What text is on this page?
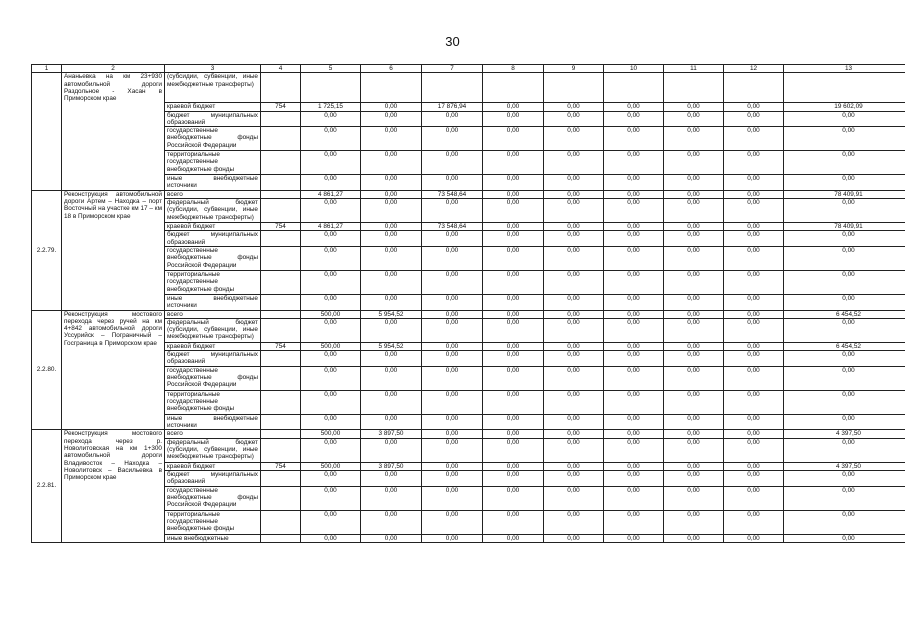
30
1	2	3	4	5	6	7	8	9	10	11	12	13
	Ананьевка на км 23+930 автомобильной дороги Раздольное - Хасан в Приморском крае	(субсидии, субвенции, иные межбюджетные трансферты)										
		краевой бюджет	754	1 725,15	0,00	17 876,94	0,00	0,00	0,00	0,00	0,00	19 602,09
		бюджет муниципальных образований		0,00	0,00	0,00	0,00	0,00	0,00	0,00	0,00	0,00
		государственные внебюджетные фонды Российской Федерации		0,00	0,00	0,00	0,00	0,00	0,00	0,00	0,00	0,00
		территориальные государственные внебюджетные фонды		0,00	0,00	0,00	0,00	0,00	0,00	0,00	0,00	0,00
		иные внебюджетные источники		0,00	0,00	0,00	0,00	0,00	0,00	0,00	0,00	0,00
2.2.79.	Реконструкция автомобильной дороги Артем – Находка – порт Восточный на участке км 17 – км 18 в Приморском крае	всего		4 861,27	0,00	73 548,64	0,00	0,00	0,00	0,00	0,00	78 409,91
		федеральный бюджет (субсидии, субвенции, иные межбюджетные трансферты)		0,00	0,00	0,00	0,00	0,00	0,00	0,00	0,00	0,00
		краевой бюджет	754	4 861,27	0,00	73 548,64	0,00	0,00	0,00	0,00	0,00	78 409,91
		бюджет муниципальных образований		0,00	0,00	0,00	0,00	0,00	0,00	0,00	0,00	0,00
		государственные внебюджетные фонды Российской Федерации		0,00	0,00	0,00	0,00	0,00	0,00	0,00	0,00	0,00
		территориальные государственные внебюджетные фонды		0,00	0,00	0,00	0,00	0,00	0,00	0,00	0,00	0,00
		иные внебюджетные источники		0,00	0,00	0,00	0,00	0,00	0,00	0,00	0,00	0,00
2.2.80.	Реконструкция мостового перехода через ручей на км 4+842 автомобильной дороги Уссурийск – Пограничный – Госграница в Приморском крае	всего		500,00	5 954,52	0,00	0,00	0,00	0,00	0,00	0,00	6 454,52
		федеральный бюджет (субсидии, субвенции, иные межбюджетные трансферты)		0,00	0,00	0,00	0,00	0,00	0,00	0,00	0,00	0,00
		краевой бюджет	754	500,00	5 954,52	0,00	0,00	0,00	0,00	0,00	0,00	6 454,52
		бюджет муниципальных образований		0,00	0,00	0,00	0,00	0,00	0,00	0,00	0,00	0,00
		государственные внебюджетные фонды Российской Федерации		0,00	0,00	0,00	0,00	0,00	0,00	0,00	0,00	0,00
		территориальные государственные внебюджетные фонды		0,00	0,00	0,00	0,00	0,00	0,00	0,00	0,00	0,00
		иные внебюджетные источники		0,00	0,00	0,00	0,00	0,00	0,00	0,00	0,00	0,00
2.2.81.	Реконструкция мостового перехода через р. Новолитовская на км 1+300 автомобильной дороги Владивосток – Находка – Новолитовск – Васильевка в Приморском крае	всего		500,00	3 897,50	0,00	0,00	0,00	0,00	0,00	0,00	4 397,50
		федеральный бюджет (субсидии, субвенции, иные межбюджетные трансферты)		0,00	0,00	0,00	0,00	0,00	0,00	0,00	0,00	0,00
		краевой бюджет	754	500,00	3 897,50	0,00	0,00	0,00	0,00	0,00	0,00	4 397,50
		бюджет муниципальных образований		0,00	0,00	0,00	0,00	0,00	0,00	0,00	0,00	0,00
		государственные внебюджетные фонды Российской Федерации		0,00	0,00	0,00	0,00	0,00	0,00	0,00	0,00	0,00
		территориальные государственные внебюджетные фонды		0,00	0,00	0,00	0,00	0,00	0,00	0,00	0,00	0,00
		иные внебюджетные		0,00	0,00	0,00	0,00	0,00	0,00	0,00	0,00	0,00
